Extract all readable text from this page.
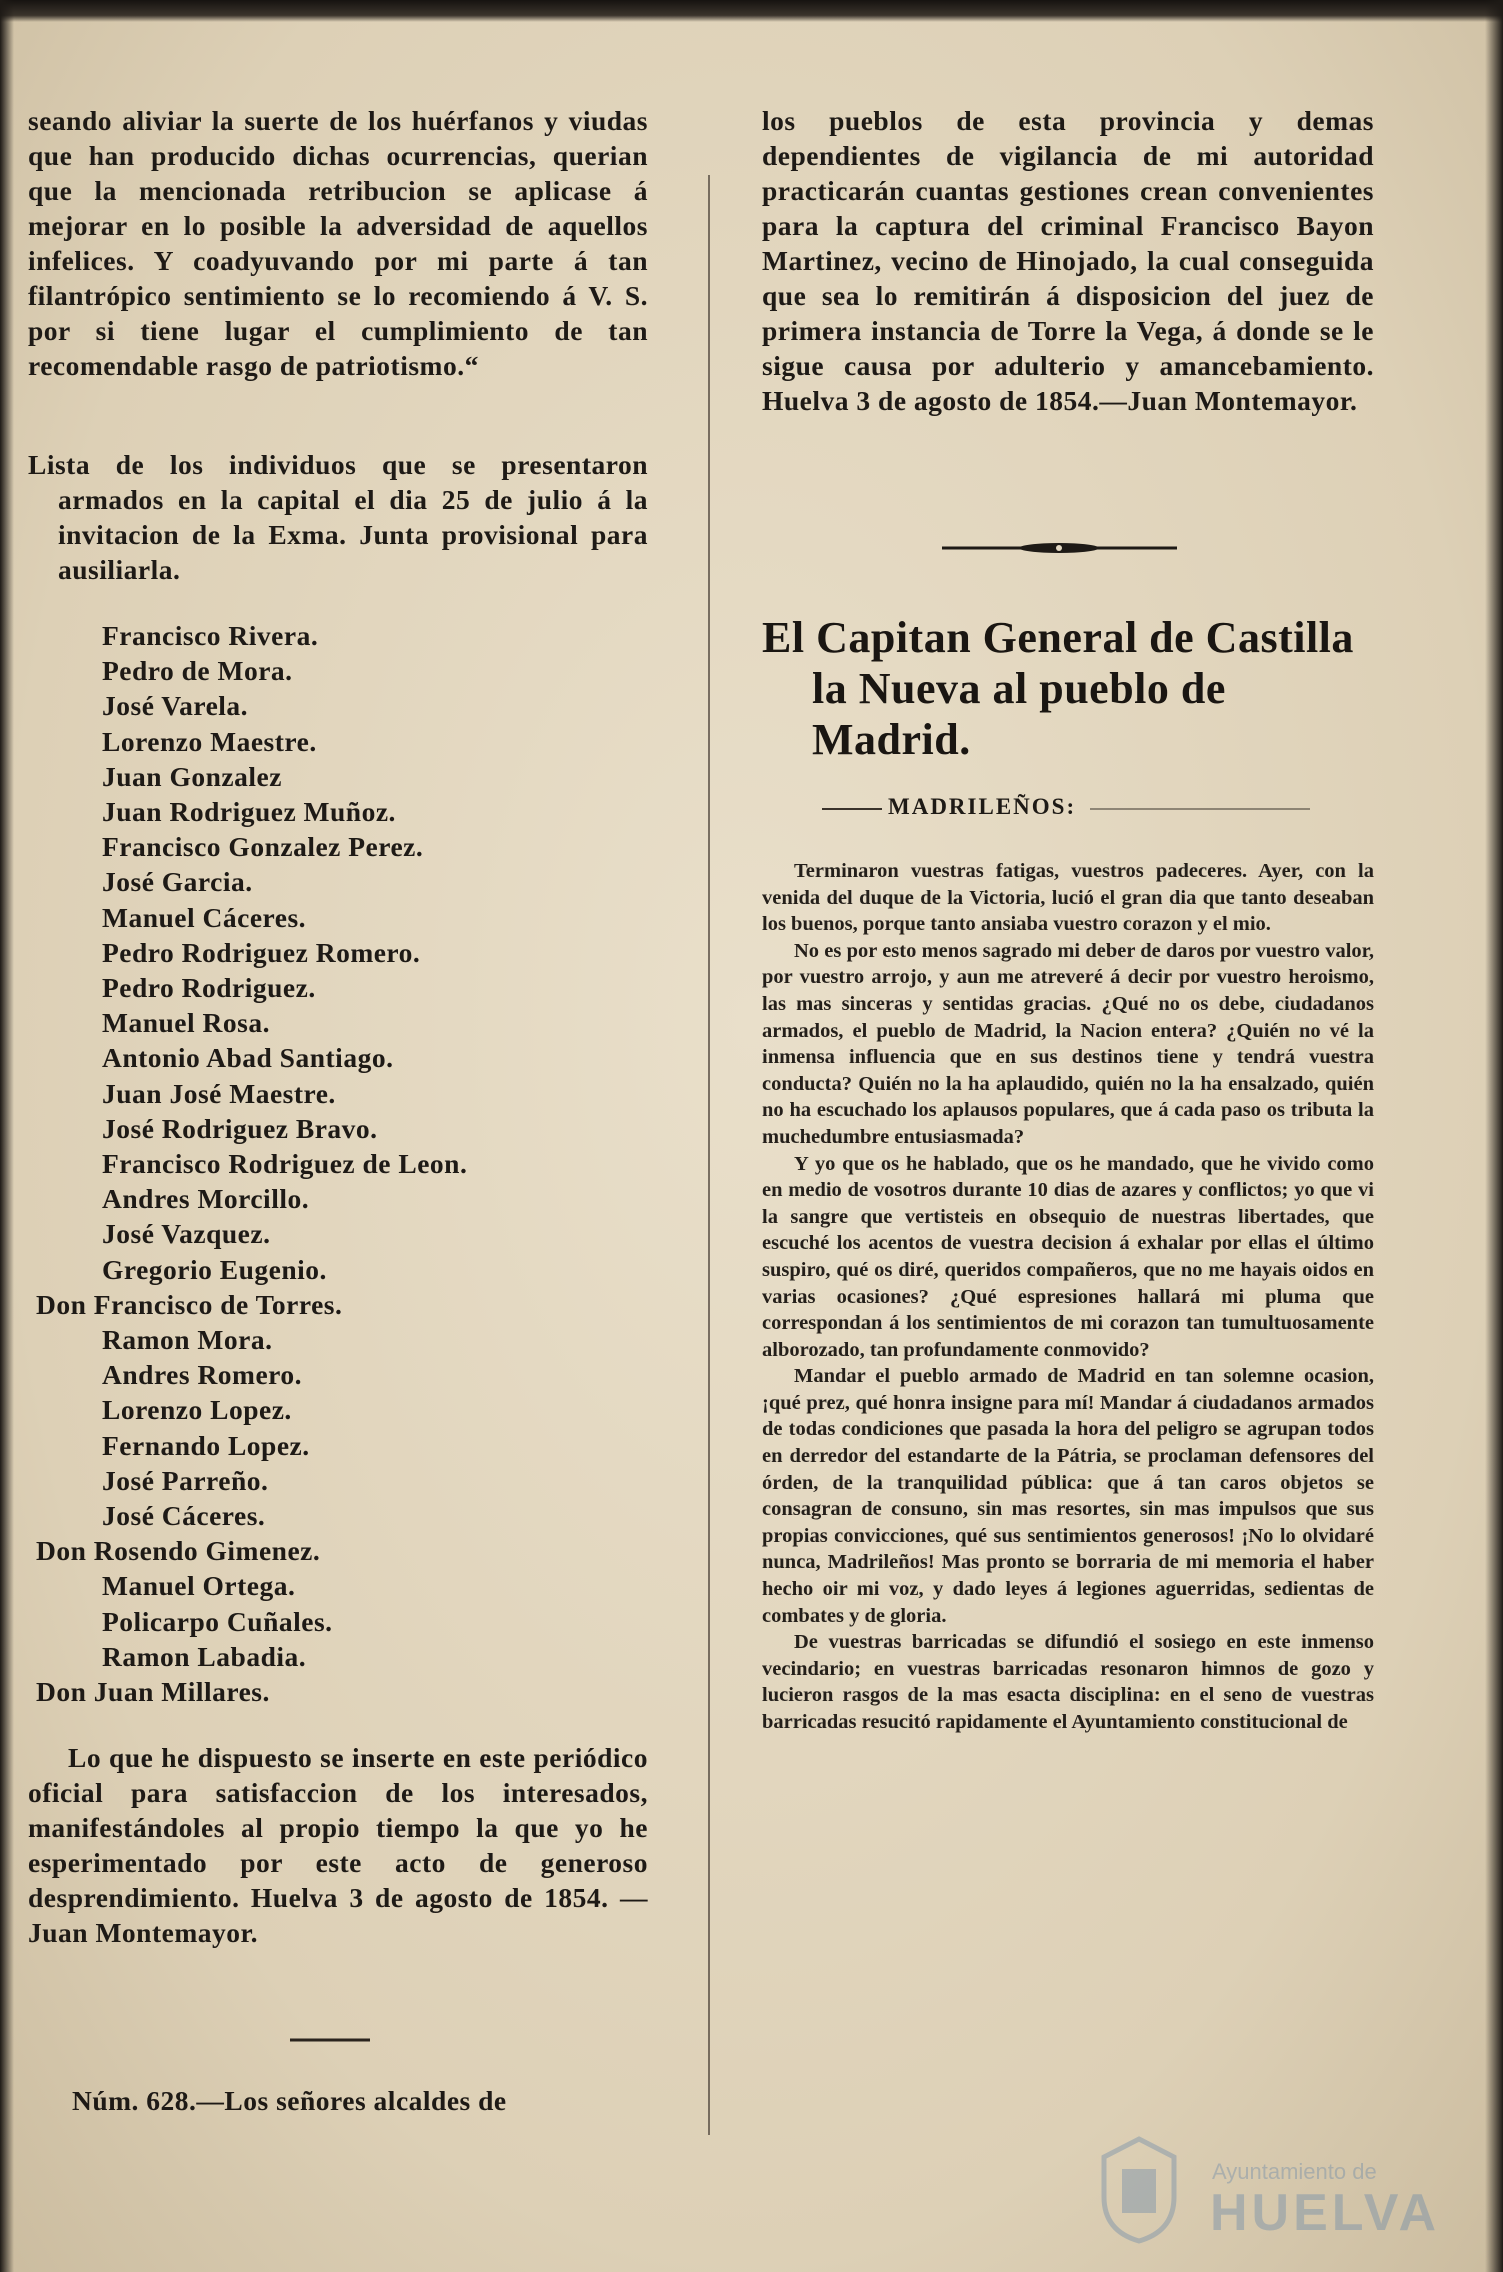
seando aliviar la suerte de los huérfanos y viudas que han producido dichas ocurrencias, querian que la mencionada retribucion se aplicase á mejorar en lo posible la adversidad de aquellos infelices. Y coadyuvando por mi parte á tan filantrópico sentimiento se lo recomiendo á V. S. por si tiene lugar el cumplimiento de tan recomendable rasgo de patriotismo.“

Lista de los individuos que se presentaron armados en la capital el dia 25 de julio á la invitacion de la Exma. Junta provisional para ausiliarla.

Francisco Rivera.
Pedro de Mora.
José Varela.
Lorenzo Maestre.
Juan Gonzalez
Juan Rodriguez Muñoz.
Francisco Gonzalez Perez.
José Garcia.
Manuel Cáceres.
Pedro Rodriguez Romero.
Pedro Rodriguez.
Manuel Rosa.
Antonio Abad Santiago.
Juan José Maestre.
José Rodriguez Bravo.
Francisco Rodriguez de Leon.
Andres Morcillo.
José Vazquez.
Gregorio Eugenio.
Don Francisco de Torres.
Ramon Mora.
Andres Romero.
Lorenzo Lopez.
Fernando Lopez.
José Parreño.
José Cáceres.
Don Rosendo Gimenez.
Manuel Ortega.
Policarpo Cuñales.
Ramon Labadia.
Don Juan Millares.

Lo que he dispuesto se inserte en este periódico oficial para satisfaccion de los interesados, manifestándoles al propio tiempo la que yo he esperimentado por este acto de generoso desprendimiento. Huelva 3 de agosto de 1854. — Juan Montemayor.

Núm. 628.—Los señores alcaldes de

los pueblos de esta provincia y demas dependientes de vigilancia de mi autoridad practicarán cuantas gestiones crean convenientes para la captura del criminal Francisco Bayon Martinez, vecino de Hinojado, la cual conseguida que sea lo remitirán á disposicion del juez de primera instancia de Torre la Vega, á donde se le sigue causa por adulterio y amancebamiento. Huelva 3 de agosto de 1854.—Juan Montemayor.

El Capitan General de Castilla la Nueva al pueblo de Madrid.
MADRILEÑOS:

Terminaron vuestras fatigas, vuestros padeceres. Ayer, con la venida del duque de la Victoria, lució el gran dia que tanto deseaban los buenos, porque tanto ansiaba vuestro corazon y el mio.

No es por esto menos sagrado mi deber de daros por vuestro valor, por vuestro arrojo, y aun me atreveré á decir por vuestro heroismo, las mas sinceras y sentidas gracias. ¿Qué no os debe, ciudadanos armados, el pueblo de Madrid, la Nacion entera? ¿Quién no vé la inmensa influencia que en sus destinos tiene y tendrá vuestra conducta? Quién no la ha aplaudido, quién no la ha ensalzado, quién no ha escuchado los aplausos populares, que á cada paso os tributa la muchedumbre entusiasmada?

Y yo que os he hablado, que os he mandado, que he vivido como en medio de vosotros durante 10 dias de azares y conflictos; yo que vi la sangre que vertisteis en obsequio de nuestras libertades, que escuché los acentos de vuestra decision á exhalar por ellas el último suspiro, qué os diré, queridos compañeros, que no me hayais oidos en varias ocasiones? ¿Qué espresiones hallará mi pluma que correspondan á los sentimientos de mi corazon tan tumultuosamente alborozado, tan profundamente conmovido?

Mandar el pueblo armado de Madrid en tan solemne ocasion, ¡qué prez, qué honra insigne para mí! Mandar á ciudadanos armados de todas condiciones que pasada la hora del peligro se agrupan todos en derredor del estandarte de la Pátria, se proclaman defensores del órden, de la tranquilidad pública: que á tan caros objetos se consagran de consuno, sin mas resortes, sin mas impulsos que sus propias convicciones, qué sus sentimientos generosos! ¡No lo olvidaré nunca, Madrileños! Mas pronto se borraria de mi memoria el haber hecho oir mi voz, y dado leyes á legiones aguerridas, sedientas de combates y de gloria.

De vuestras barricadas se difundió el sosiego en este inmenso vecindario; en vuestras barricadas resonaron himnos de gozo y lucieron rasgos de la mas esacta disciplina: en el seno de vuestras barricadas resucitó rapidamente el Ayuntamiento constitucional de

Ayuntamiento de
HUELVA
